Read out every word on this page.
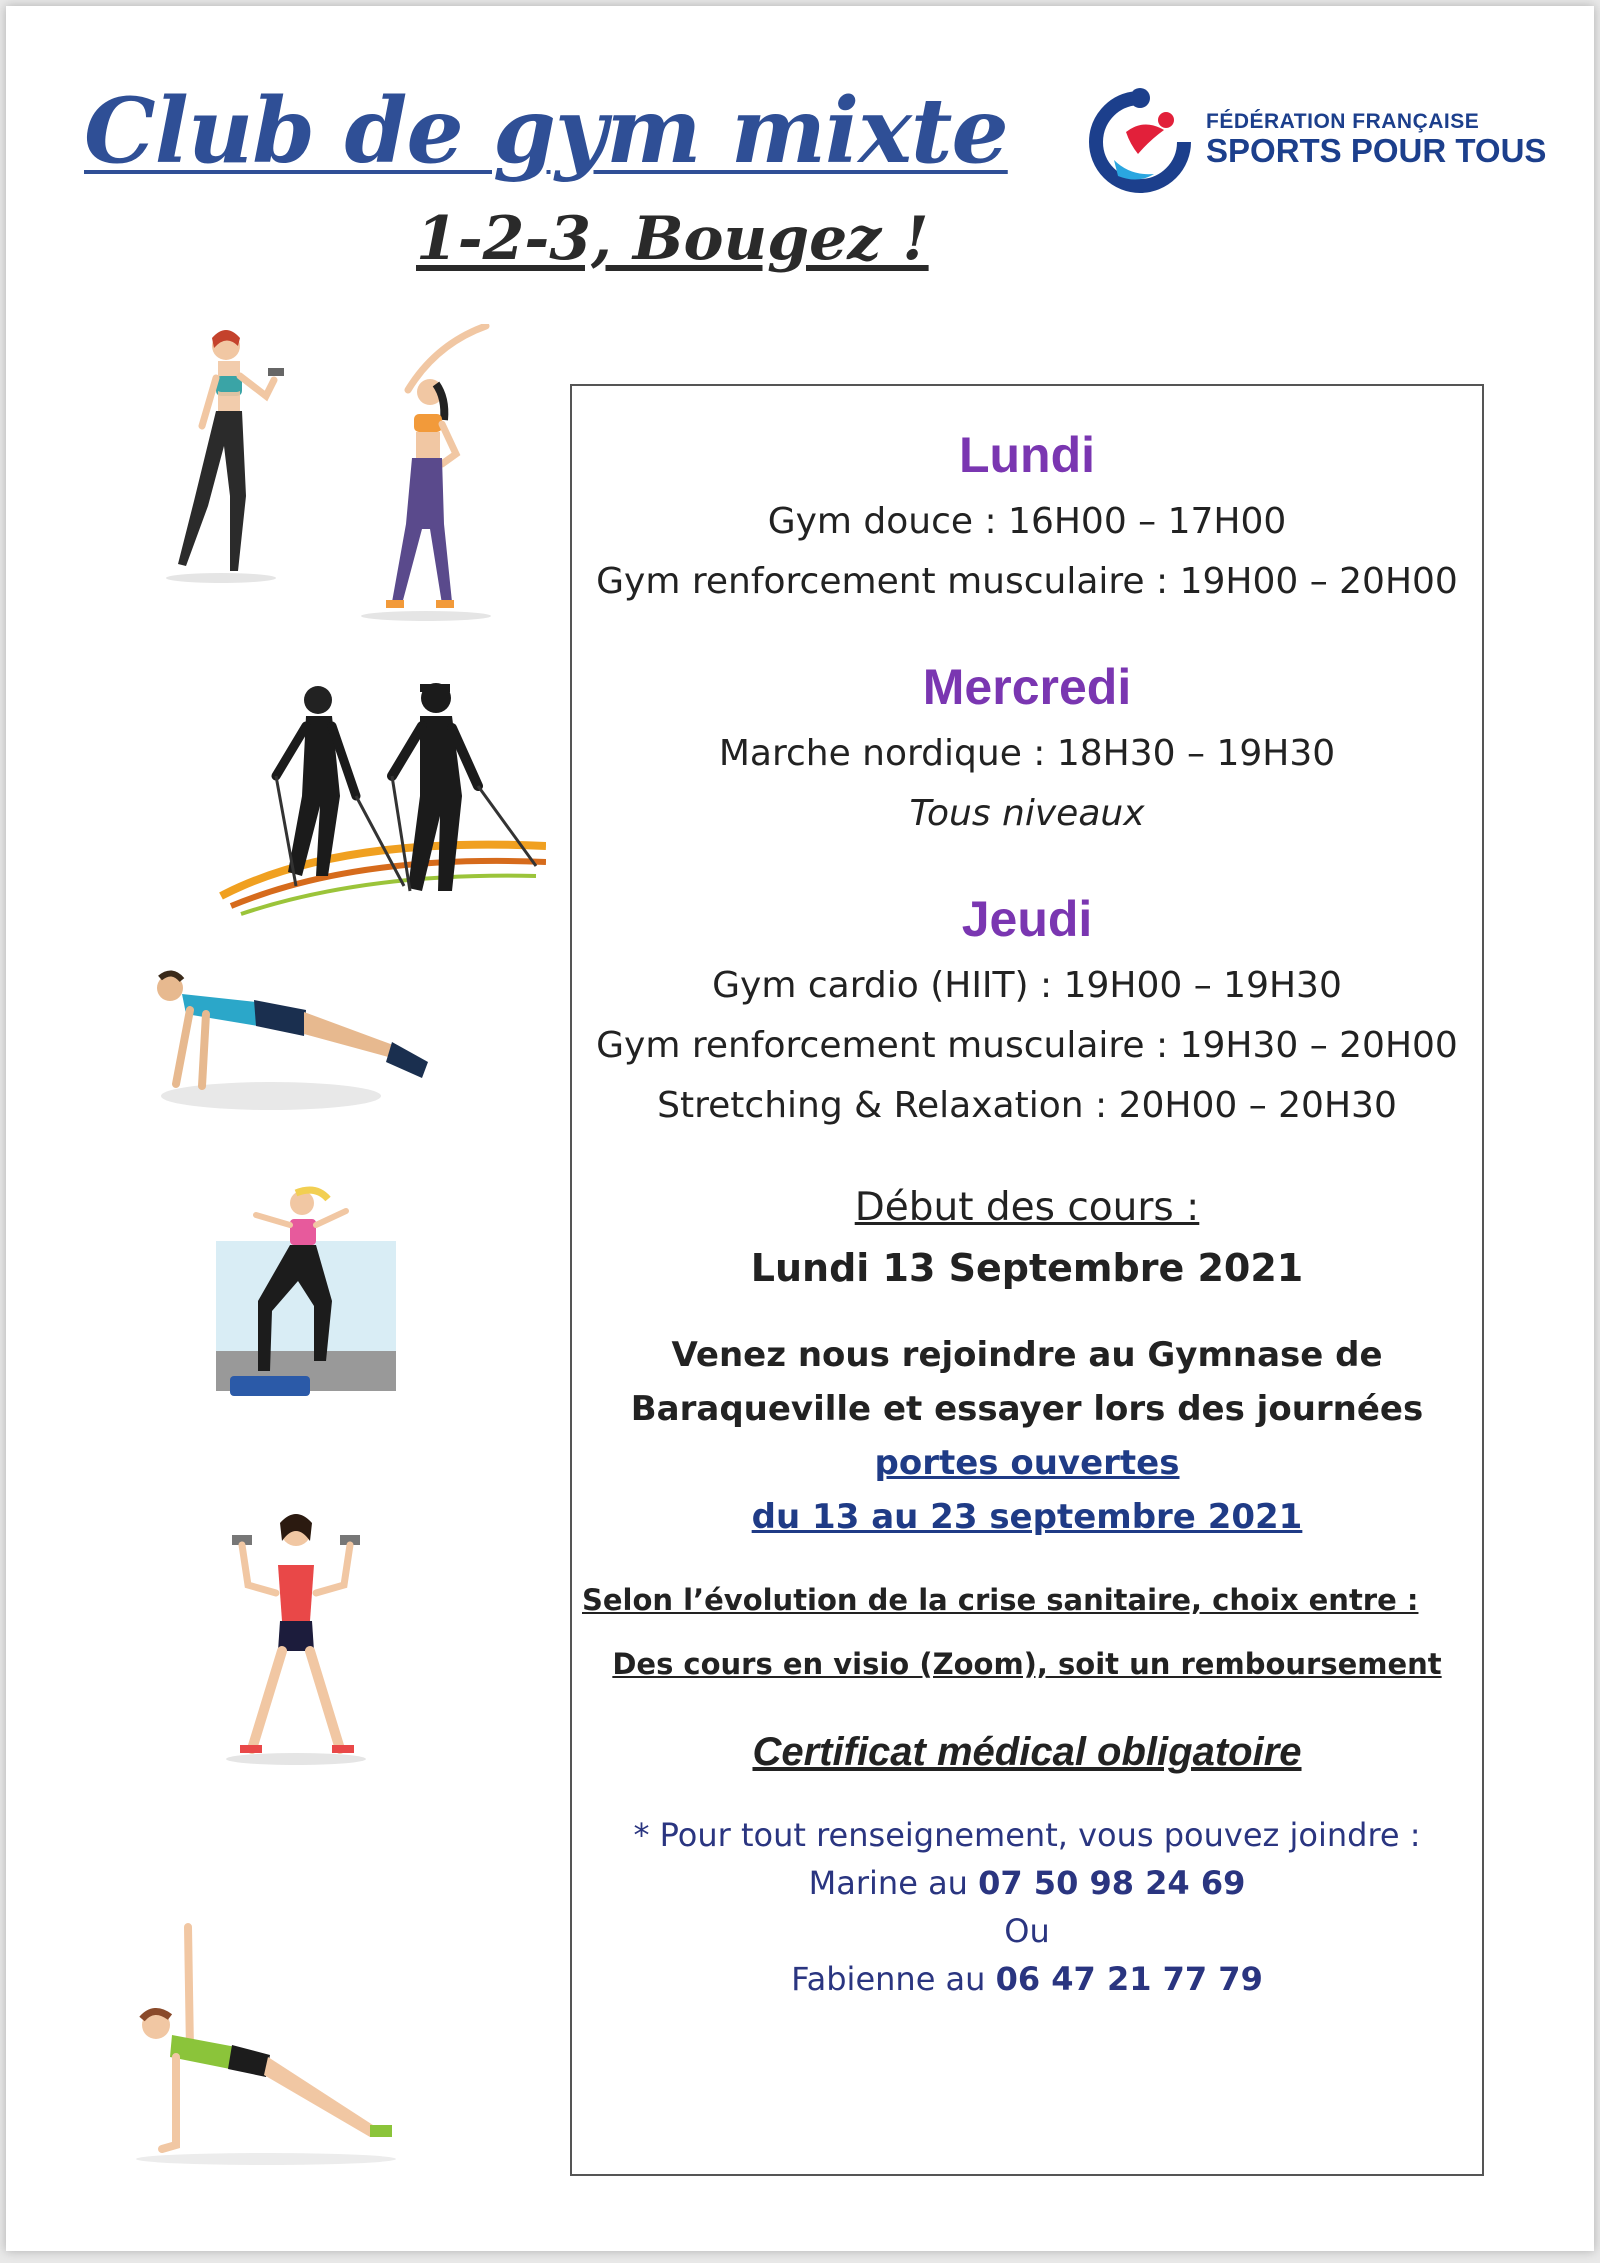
Club de gym mixte
1-2-3, Bougez !
FÉDÉRATION FRANÇAISE
SPORTS POUR TOUS
Lundi
Gym douce : 16H00 – 17H00
Gym renforcement musculaire : 19H00 – 20H00
Mercredi
Marche nordique : 18H30 – 19H30
Tous niveaux
Jeudi
Gym cardio (HIIT) : 19H00 – 19H30
Gym renforcement musculaire : 19H30 – 20H00
Stretching & Relaxation : 20H00 – 20H30
Début des cours :
Lundi 13 Septembre 2021
Venez nous rejoindre au Gymnase de
Baraqueville et essayer lors des journées
portes ouvertes
du 13 au 23 septembre 2021
Selon l’évolution de la crise sanitaire, choix entre :
Des cours en visio (Zoom), soit un remboursement
Certificat médical obligatoire
* Pour tout renseignement, vous pouvez joindre :
Marine au 07 50 98 24 69
Ou
Fabienne au 06 47 21 77 79
